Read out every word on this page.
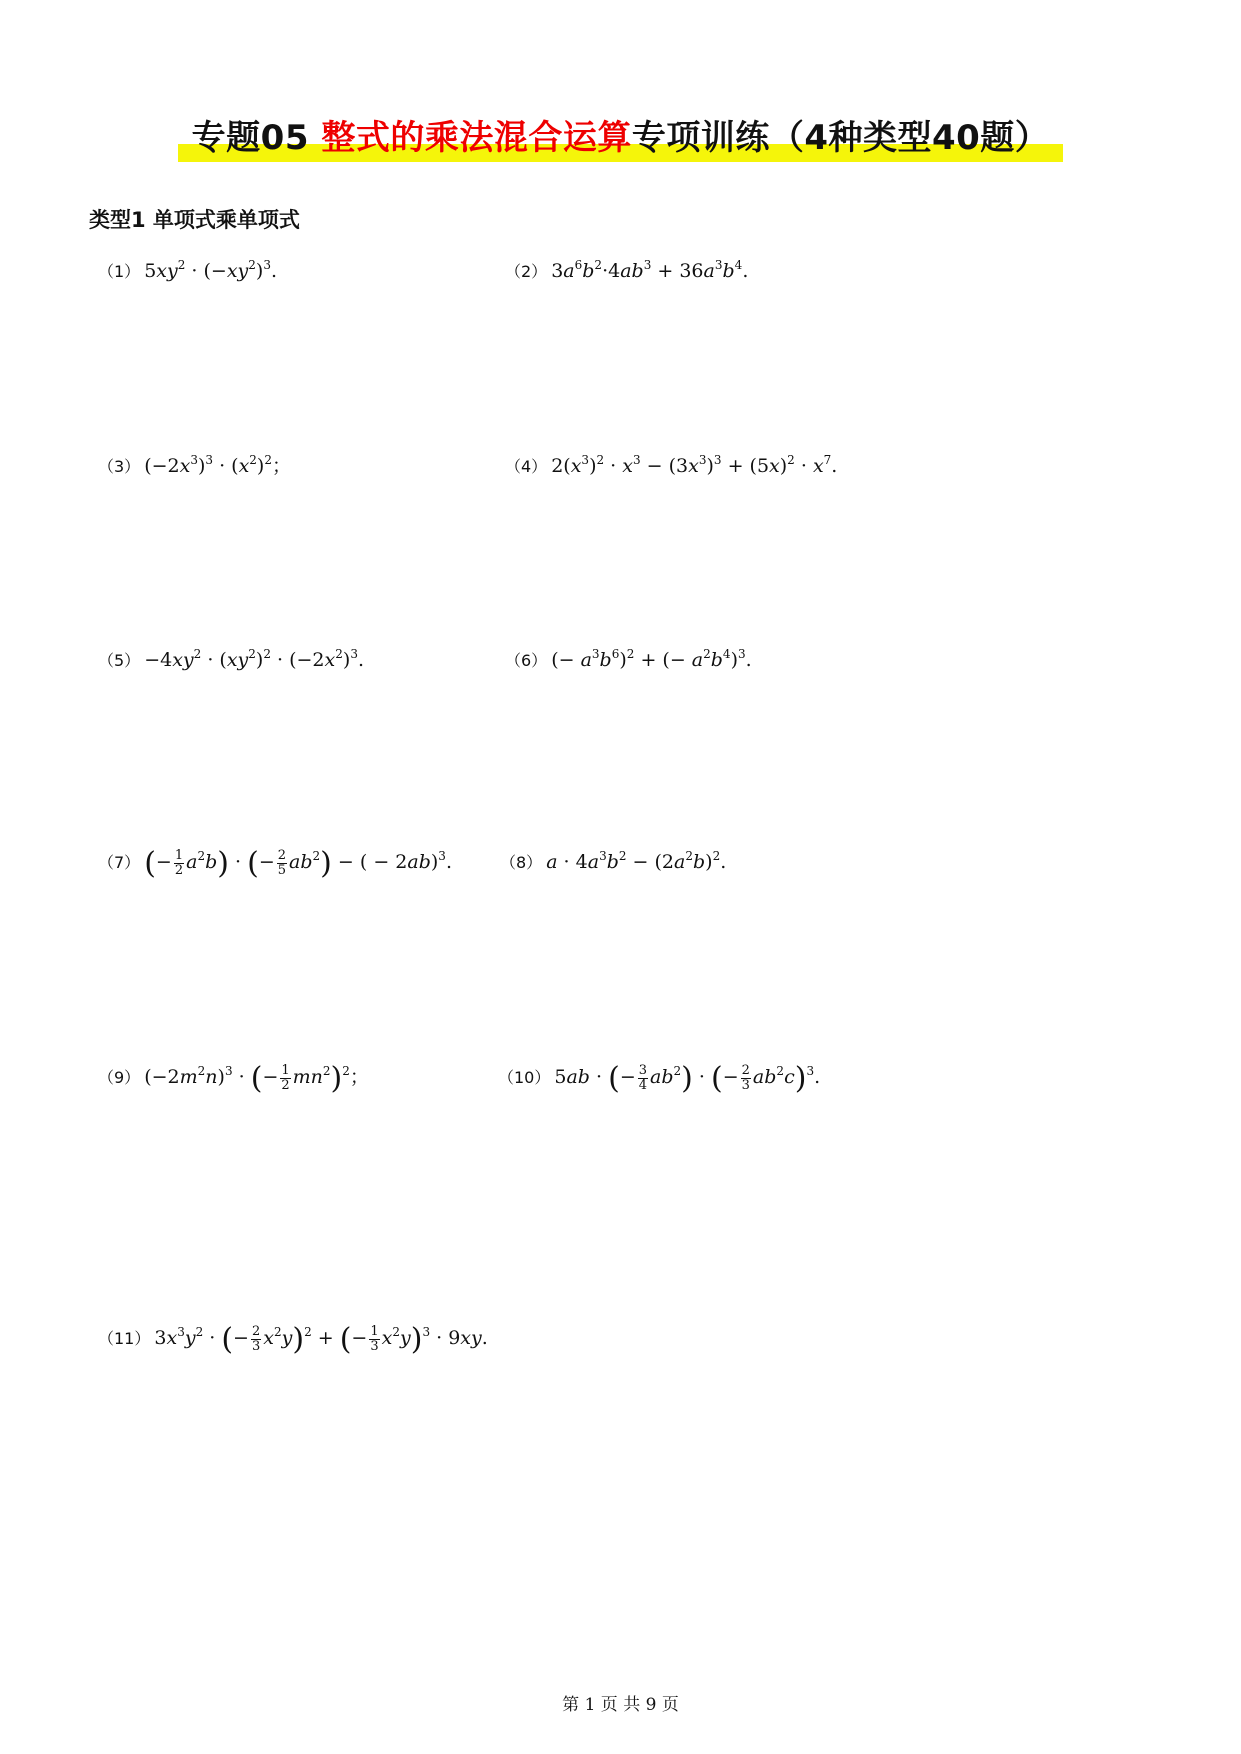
专题05 整式的乘法混合运算专项训练（4种类型40题）
类型1 单项式乘单项式
（1） $5xy^2 \cdot (-xy^2)^3$.	（2） $3a^6b^2\cdot 4ab^3 + 36a^3b^4$.
（3） $(-2x^3)^3 \cdot (x^2)^2$；	（4） $2(x^3)^2 \cdot x^3 - (3x^3)^3 + (5x)^2 \cdot x^7$.
$(5) -4xy^2 \cdot (xy^2)^2 \cdot (-2x^2)^3$.	（6） (− $a^3b^6)^2$ + (− $a^2b^4)^3$.
（7） (− $\frac{1}{2} a^2b$) · (− $\frac{2}{5} ab^2$) − ( − 2ab)$^3$.	（8） $a \cdot 4a^3b^2 - (2a^2b)^2$.
（9） $(-2m^2n)^3$ · (− $\frac{1}{2} mn^2)^2$；	（10） 5ab · (− $\frac{3}{4} ab^2$) · (− $\frac{2}{3} ab^2c)^3$.
（11） $3x^3y^2$ · (− $\frac{2}{3} x^2y)^2$ + (− $\frac{1}{3} x^2y)^3 \cdot 9xy$.
第 1 页 共 9 页
